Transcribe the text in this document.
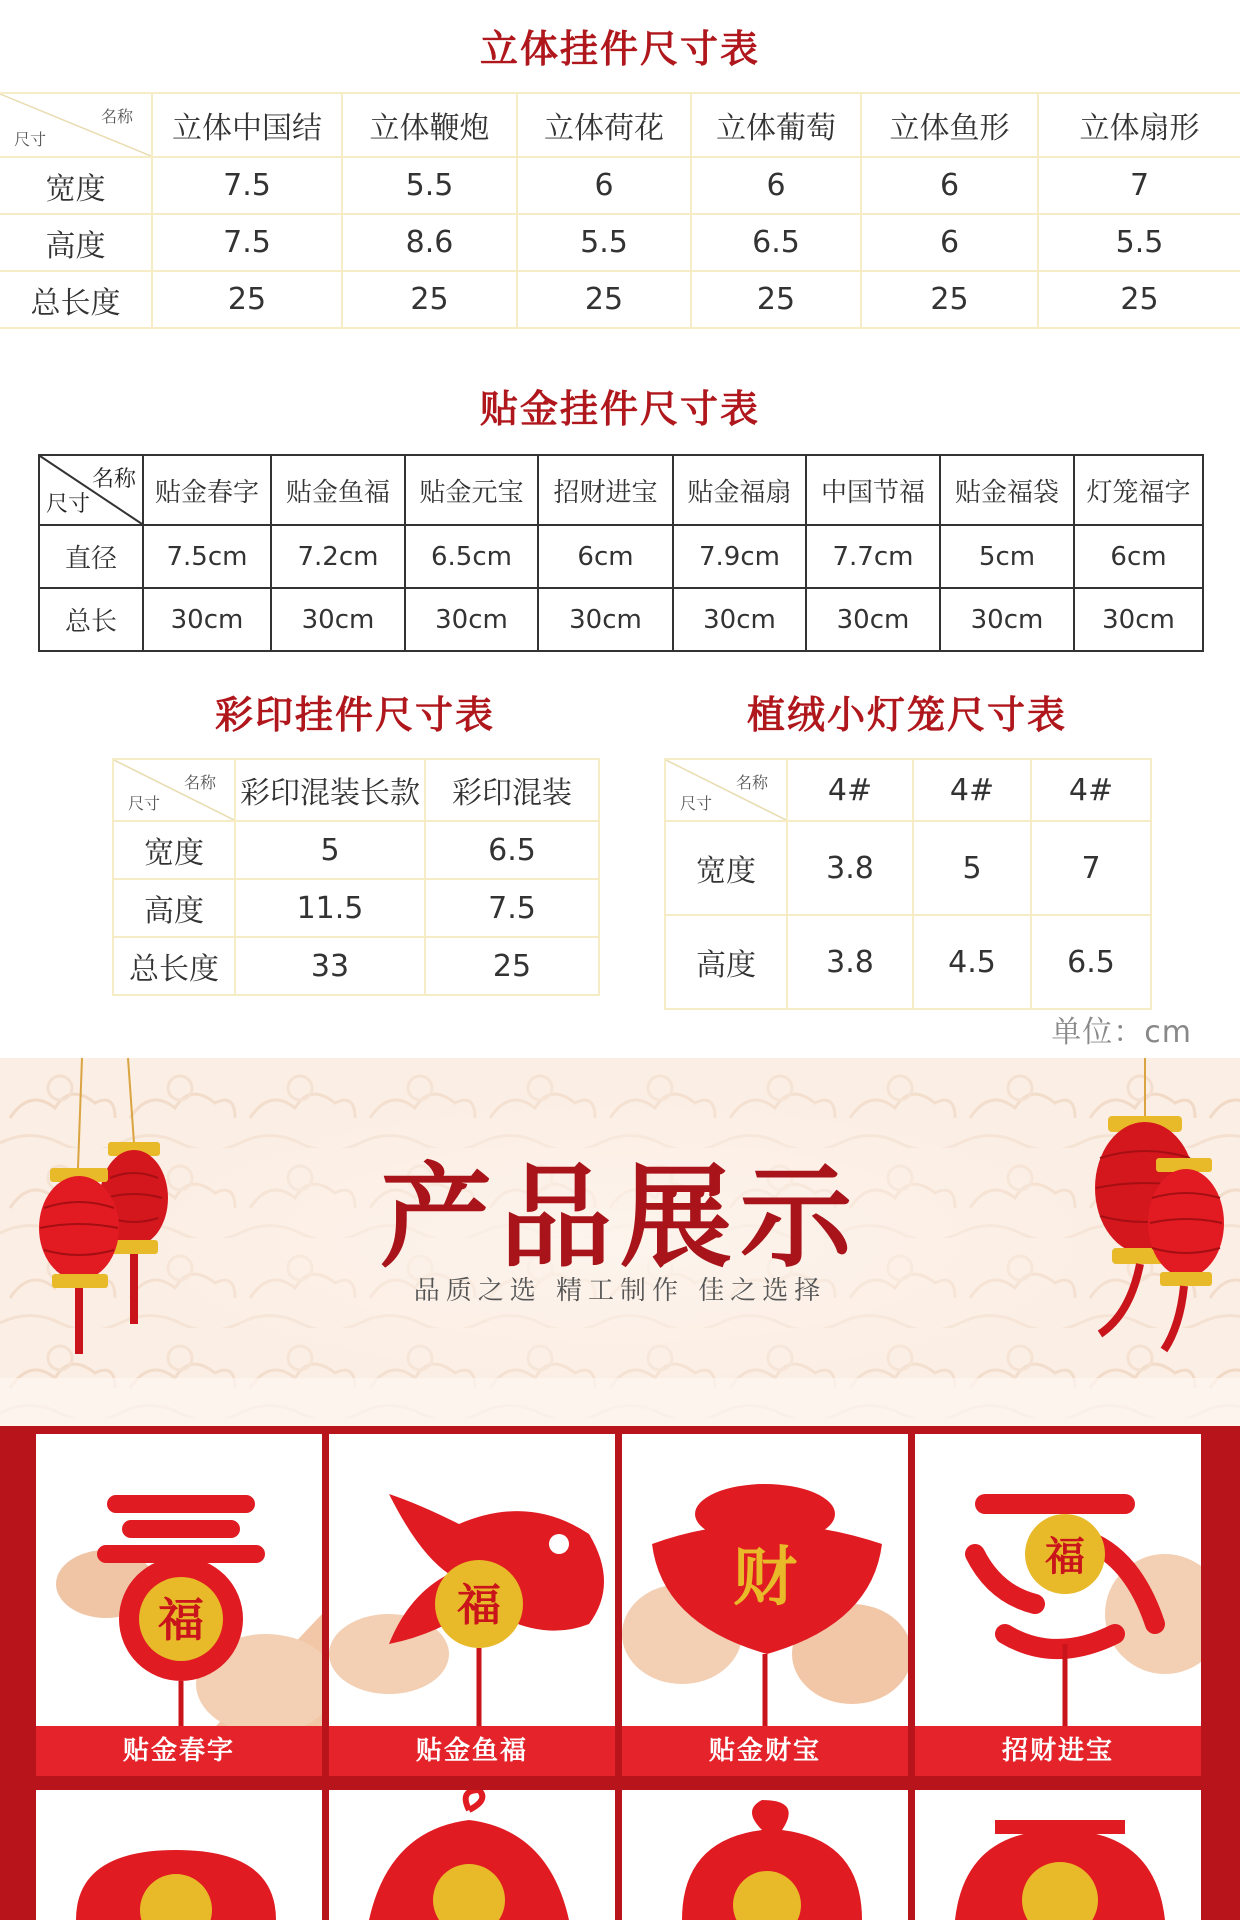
立体挂件尺寸表
名称
尺寸	立体中国结	立体鞭炮	立体荷花	立体葡萄	立体鱼形	立体扇形
宽度	7.5	5.5	6	6	6	7
高度	7.5	8.6	5.5	6.5	6	5.5
总长度	25	25	25	25	25	25
贴金挂件尺寸表
名称
尺寸	贴金春字	贴金鱼福	贴金元宝	招财进宝	贴金福扇	中国节福	贴金福袋	灯笼福字
直径	7.5cm	7.2cm	6.5cm	6cm	7.9cm	7.7cm	5cm	6cm
总长	30cm	30cm	30cm	30cm	30cm	30cm	30cm	30cm
彩印挂件尺寸表
名称
尺寸	彩印混装长款	彩印混装
宽度	5	6.5
高度	11.5	7.5
总长度	33	25
植绒小灯笼尺寸表
名称
尺寸	4#	4#	4#
宽度	3.8	5	7
高度	3.8	4.5	6.5
单位：cm
产品展示
品质之选 精工制作 佳之选择
福
贴金春字
福
贴金鱼福
财
贴金财宝
福
招财进宝
